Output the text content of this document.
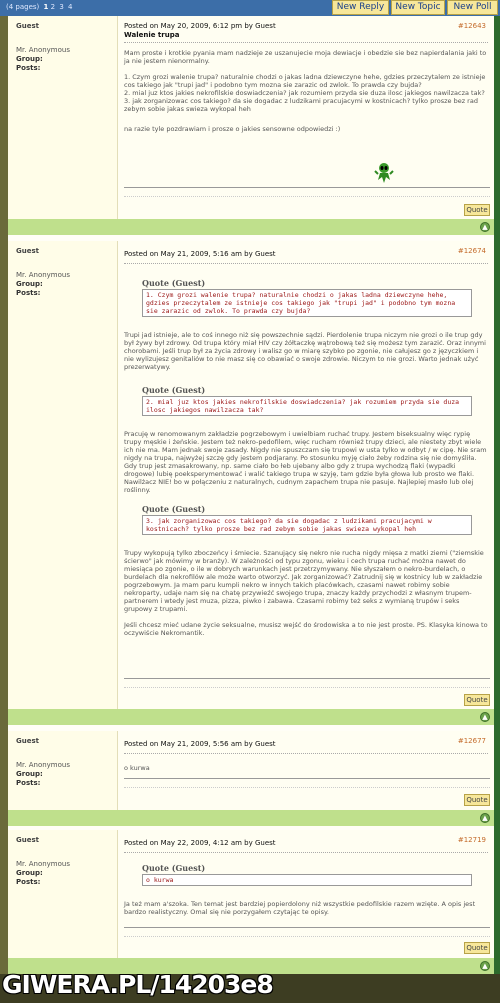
(4 pages) 1 2 3 4	New Reply	New Topic	New Poll
Guest
Mr. Anonymous
Group:
Posts:
Posted on May 20, 2009, 6:12 pm by Guest
Walenie trupa
#12643
Mam proste i krotkie pyania mam nadzieje ze uszanujecie moja dewiacje i obedzie sie bez napierdalania jaki to ja nie jestem nienormalny.
1. Czym grozi walenie trupa? naturalnie chodzi o jakas ladna dziewczyne hehe, gdzies przeczytalem ze istnieje cos takiego jak "trupi jad" i podobno tym mozna sie zarazic od zwlok. To prawda czy bujda?
2. mial juz ktos jakies nekrofilskie doswiadczenia? jak rozumiem przyda sie duza ilosc jakiegos nawilzacza tak?
3. jak zorganizowac cos takiego? da sie dogadac z ludzikami pracujacymi w kostnicach? tylko prosze bez rad zebym sobie jakas swieza wykopal heh
na razie tyle pozdrawiam i prosze o jakies sensowne odpowiedzi :)
Quote
▲
Guest
Mr. Anonymous
Group:
Posts:
Posted on May 21, 2009, 5:16 am by Guest	#12674
Quote (Guest)
1. Czym grozi walenie trupa? naturalnie chodzi o jakas ladna dziewczyne hehe, gdzies przeczytalem ze istnieje cos takiego jak "trupi jad" i podobno tym mozna sie zarazic od zwlok. To prawda czy bujda?
Trupi jad istnieje, ale to coś innego niż się powszechnie sądzi. Pierdolenie trupa niczym nie grozi o ile trup gdy był żywy był zdrowy. Od trupa który miał HIV czy żółtaczkę wątrobową też się możesz tym zarazić. Oraz innymi chorobami. Jeśli trup był za życia zdrowy i walisz go w miarę szybko po zgonie, nie całujesz go z języczkiem i nie wylizujesz genitaliów to nie masz się co obawiać o swoje zdrowie. Niczym to nie grozi. Warto jednak użyć prezerwatywy.
Quote (Guest)
2. mial juz ktos jakies nekrofilskie doswiadczenia? jak rozumiem przyda sie duza ilosc jakiegos nawilzacza tak?
Pracuję w renomowanym zakładzie pogrzebowym i uwielbiam ruchać trupy. Jestem biseksualny więc rypię trupy męskie i żeńskie. Jestem też nekro-pedofilem, więc rucham również trupy dzieci, ale niestety zbyt wiele ich nie ma. Mam jednak swoje zasady. Nigdy nie spuszczam się trupowi w usta tylko w odbyt / w cipę. Nie sram nigdy na trupa, najwyżej szczę gdy jestem podjarany. Po stosunku myję ciało żeby rodzina się nie domyśliła. Gdy trup jest zmasakrowany, np. same ciało bo łeb ujebany albo gdy z trupa wychodzą flaki (wypadki drogowe) lubię poeksperymentować i walić takiego trupa w szyję, tam gdzie była głowa lub prosto we flaki. Nawilżacz NIE! bo w połączeniu z naturalnych, cudnym zapachem trupa nie pasuje. Najlepiej masło lub olej roślinny.
Quote (Guest)
3. jak zorganizowac cos takiego? da sie dogadac z ludzikami pracujacymi w kostnicach? tylko prosze bez rad zebym sobie jakas swieza wykopal heh
Trupy wykopują tylko zboczeńcy i śmiecie. Szanujący się nekro nie rucha nigdy mięsa z matki ziemi ("ziemskie ścierwo" jak mówimy w branży). W zależności od typu zgonu, wieku i cech trupa ruchać można nawet do miesiąca po zgonie, o ile w dobrych warunkach jest przetrzymywany. Nie słyszałem o nekro-burdelach, o burdelach dla nekrofilów ale może warto otworzyć. Jak zorganizować? Zatrudnij się w kostnicy lub w zakładzie pogrzebowym. Ja mam paru kumpli nekro w innych takich placówkach, czasami nawet robimy sobie nekroparty, udaje nam się na chatę przywieźć swojego trupa, znaczy każdy przychodzi z własnym trupem-partnerem i wtedy jest muza, pizza, piwko i zabawa. Czasami robimy też seks z wymianą trupów i seks grupowy z trupami.
Jeśli chcesz mieć udane życie seksualne, musisz wejść do środowiska a to nie jest proste. PS. Klasyka kinowa to oczywiście Nekromantik.
Quote
▲
Guest
Mr. Anonymous
Group:
Posts:
Posted on May 21, 2009, 5:56 am by Guest	#12677
o kurwa
Quote
▲
Guest
Mr. Anonymous
Group:
Posts:
Posted on May 22, 2009, 4:12 am by Guest	#12719
Quote (Guest)
o kurwa
Ja też mam a'szoka. Ten temat jest bardziej popierdolony niż wszystkie pedofilskie razem wzięte. A opis jest bardzo realistyczny. Omal się nie porzygałem czytając te opisy.
Quote
▲
GIWERA.PL/14203e8
